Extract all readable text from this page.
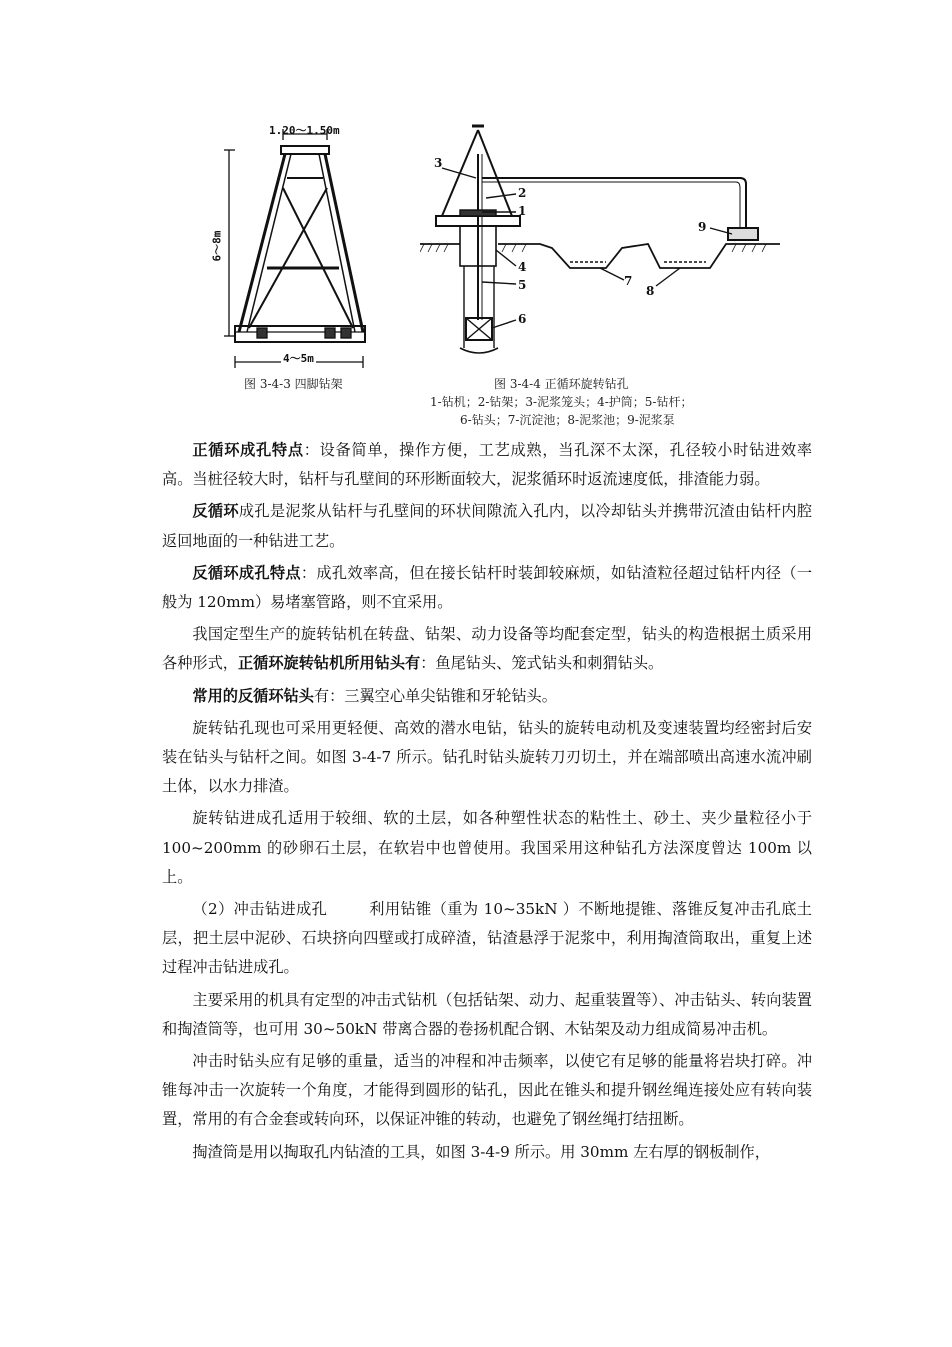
1.20～1.50m
6～8m
4～5m
图 3-4-3 四脚钻架
3
2
1
4
5
6
7
8
9
图 3-4-4 正循环旋转钻孔
1-钻机；2-钻架；3-泥浆笼头；4-护筒；5-钻杆；
6-钻头；7-沉淀池；8-泥浆池；9-泥浆泵

正循环成孔特点：设备简单，操作方便，工艺成熟，当孔深不太深，孔径较小时钻进效率高。当桩径较大时，钻杆与孔壁间的环形断面较大，泥浆循环时返流速度低，排渣能力弱。

反循环成孔是泥浆从钻杆与孔壁间的环状间隙流入孔内，以冷却钻头并携带沉渣由钻杆内腔返回地面的一种钻进工艺。

反循环成孔特点：成孔效率高，但在接长钻杆时装卸较麻烦，如钻渣粒径超过钻杆内径（一般为 120mm）易堵塞管路，则不宜采用。

我国定型生产的旋转钻机在转盘、钻架、动力设备等均配套定型，钻头的构造根据土质采用各种形式，正循环旋转钻机所用钻头有：鱼尾钻头、笼式钻头和刺猬钻头。

常用的反循环钻头有：三翼空心单尖钻锥和牙轮钻头。

旋转钻孔现也可采用更轻便、高效的潜水电钻，钻头的旋转电动机及变速装置均经密封后安装在钻头与钻杆之间。如图 3-4-7 所示。钻孔时钻头旋转刀刃切土，并在端部喷出高速水流冲刷土体，以水力排渣。

旋转钻进成孔适用于较细、软的土层，如各种塑性状态的粘性土、砂土、夹少量粒径小于 100~200mm 的砂卵石土层，在软岩中也曾使用。我国采用这种钻孔方法深度曾达 100m 以上。

（2）冲击钻进成孔        利用钻锥（重为 10~35kN ）不断地提锥、落锥反复冲击孔底土层，把土层中泥砂、石块挤向四壁或打成碎渣，钻渣悬浮于泥浆中，利用掏渣筒取出，重复上述过程冲击钻进成孔。

主要采用的机具有定型的冲击式钻机（包括钻架、动力、起重装置等）、冲击钻头、转向装置和掏渣筒等，也可用 30~50kN 带离合器的卷扬机配合钢、木钻架及动力组成简易冲击机。

冲击时钻头应有足够的重量，适当的冲程和冲击频率，以使它有足够的能量将岩块打碎。冲锥每冲击一次旋转一个角度，才能得到圆形的钻孔，因此在锥头和提升钢丝绳连接处应有转向装置，常用的有合金套或转向环，以保证冲锥的转动，也避免了钢丝绳打结扭断。

掏渣筒是用以掏取孔内钻渣的工具，如图 3-4-9 所示。用 30mm 左右厚的钢板制作，
